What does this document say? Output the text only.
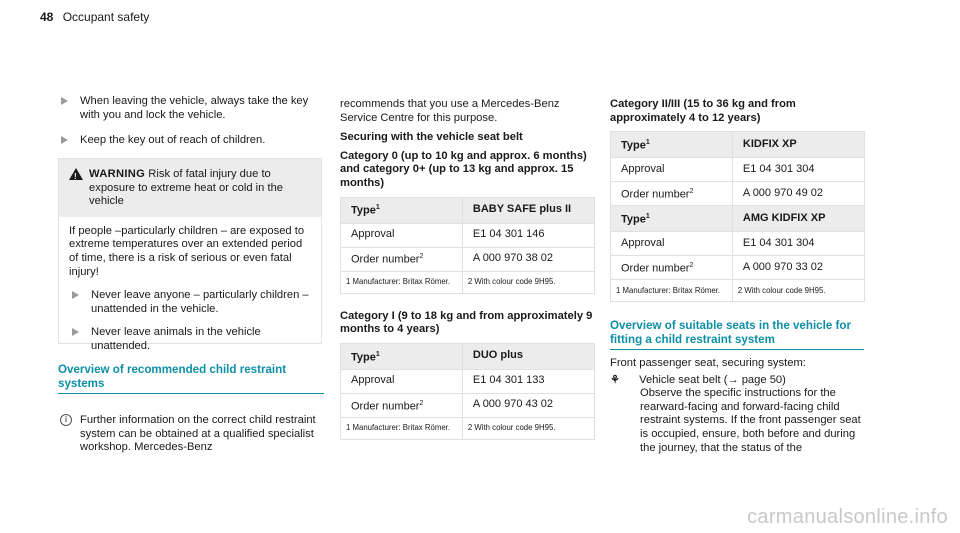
48 Occupant safety
When leaving the vehicle, always take the key with you and lock the vehicle.
Keep the key out of reach of children.
!
WARNING Risk of fatal injury due to exposure to extreme heat or cold in the vehicle
If people –particularly children – are exposed to extreme temperatures over an extended period of time, there is a risk of serious or even fatal injury!
Never leave anyone – particularly children – unattended in the vehicle.
Never leave animals in the vehicle unattended.
Overview of recommended child restraint systems
i	Further information on the correct child restraint system can be obtained at a qualified specialist workshop. Mercedes-Benz
recommends that you use a Mercedes-Benz Service Centre for this purpose.
Securing with the vehicle seat belt
Category 0 (up to 10 kg and approx. 6 months) and category 0+ (up to 13 kg and approx. 15 months)
Type$^1$	BABY SAFE plus II
Approval	E1 04 301 146
Order number$^2$	A 000 970 38 02
1 Manufacturer: Britax Römer.	2 With colour code 9H95.
Category I (9 to 18 kg and from approximately 9 months to 4 years)
Type$^1$	DUO plus
Approval	E1 04 301 133
Order number$^2$	A 000 970 43 02
1 Manufacturer: Britax Römer.	2 With colour code 9H95.
Category II/III (15 to 36 kg and from approximately 4 to 12 years)
Type$^1$	KIDFIX XP
Approval	E1 04 301 304
Order number$^2$	A 000 970 49 02
Type$^1$	AMG KIDFIX XP
Approval	E1 04 301 304
Order number$^2$	A 000 970 33 02
1 Manufacturer: Britax Römer.	2 With colour code 9H95.
Overview of suitable seats in the vehicle for fitting a child restraint system
Front passenger seat, securing system:
⚘ Vehicle seat belt (→ page 50)
Observe the specific instructions for the rearward-facing and forward-facing child restraint systems. If the front passenger seat is occupied, ensure, both before and during the journey, that the status of the
carmanualsonline.info
